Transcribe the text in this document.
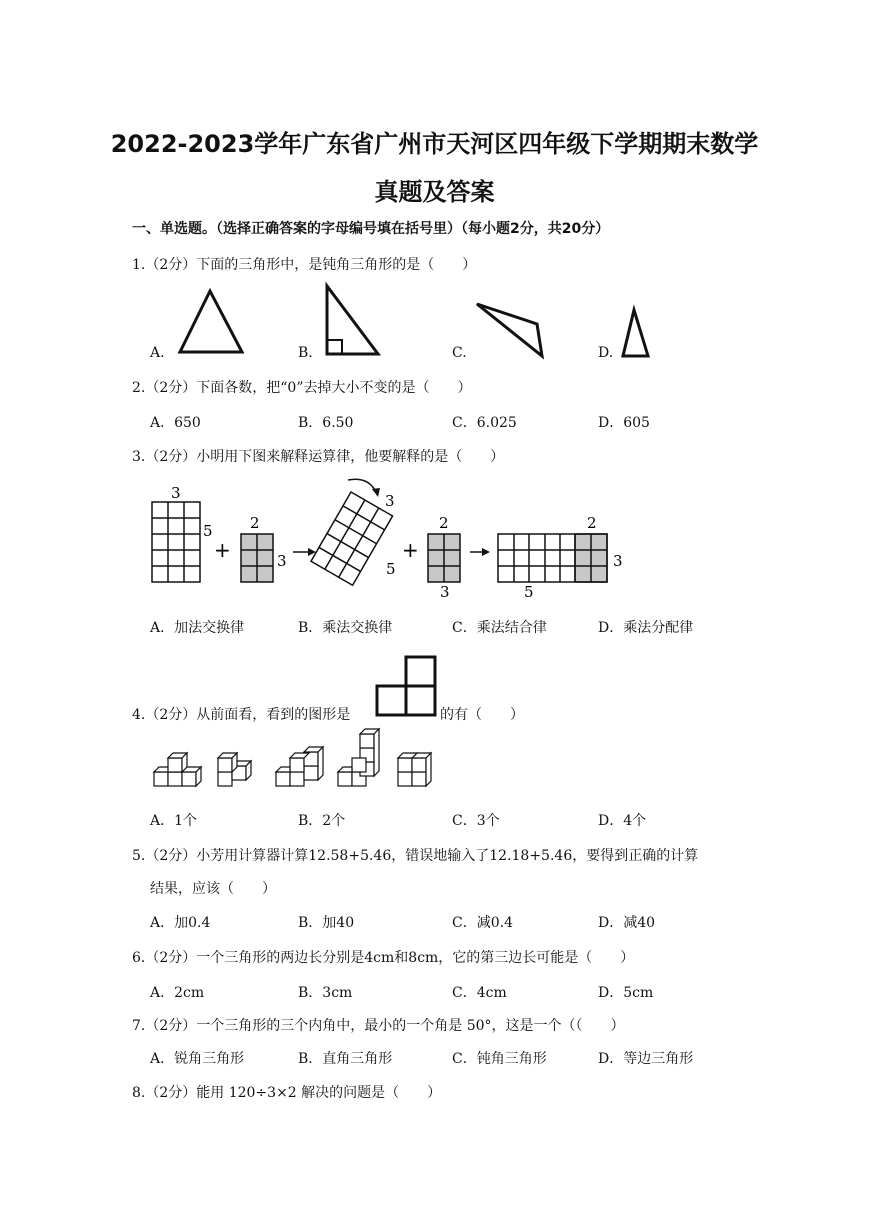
2022-2023学年广东省广州市天河区四年级下学期期末数学
真题及答案
一、单选题。（选择正确答案的字母编号填在括号里）（每小题2分，共20分）
1.（2分）下面的三角形中，是钝角三角形的是（　　）
A.	B.	C.	D.
2.（2分）下面各数，把“0”去掉大小不变的是（　　）
A．650	B．6.50	C．6.025	D．605
3.（2分）小明用下图来解释运算律，他要解释的是（　　）
3
5
+
2
3
3
5
+
2
3
2
3
5
A．加法交换律	B．乘法交换律	C．乘法结合律	D．乘法分配律
4.（2分）从前面看，看到的图形是	的有（　　）
A．1个	B．2个	C．3个	D．4个
5.（2分）小芳用计算器计算12.58+5.46，错误地输入了12.18+5.46，要得到正确的计算
结果，应该（　　）
A．加0.4	B．加40	C．减0.4	D．减40
6.（2分）一个三角形的两边长分别是4cm和8cm，它的第三边长可能是（　　）
A．2cm	B．3cm	C．4cm	D．5cm
7.（2分）一个三角形的三个内角中，最小的一个角是 50°，这是一个（（　　）
A．锐角三角形	B．直角三角形	C．钝角三角形	D．等边三角形
8.（2分）能用 120÷3×2 解决的问题是（　　）
